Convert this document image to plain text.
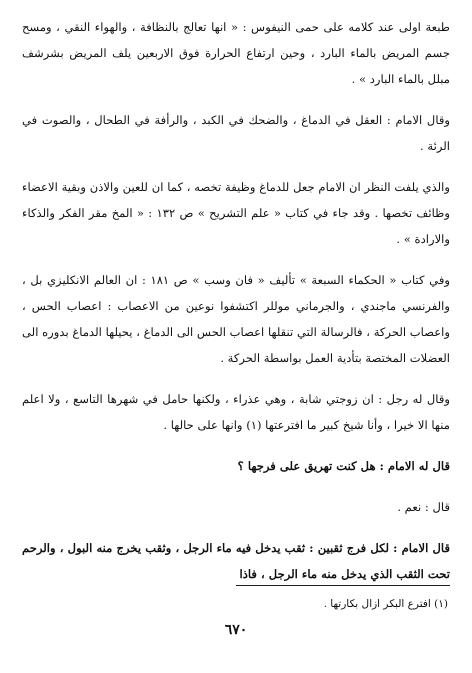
طبعة اولى عند كلامه على حمى النيفوس : « انها تعالج بالنظافة ، والهواء النقي ، ومسح جسم المريض بالماء البارد ، وحين ارتفاع الحرارة فوق الاربعين يلف المريض بشرشف مبلل بالماء البارد » .

وقال الامام : العقل في الدماغ ، والضحك في الكبد ، والرأفة في الطحال ، والصوت في الرئة .

والذي يلفت النظر ان الامام جعل للدماغ وظيفة تخصه ، كما ان للعين والاذن وبقية الاعضاء وظائف تخصها . وقد جاء في كتاب « علم التشريح » ص ١٣٢ : « المخ مقر الفكر والذكاء والارادة » .

وفي كتاب « الحكماء السبعة » تأليف « فان وسب » ص ١٨١ : ان العالم الانكليزي بل ، والفرنسي ماجندي ، والجرماني موللر اكتشفوا نوعين من الاعصاب : اعصاب الحس ، واعصاب الحركة ، فالرسالة التي تنقلها اعصاب الحس الى الدماغ ، يحيلها الدماغ بدوره الى العضلات المختصة بتأدية العمل بواسطة الحركة .

وقال له رجل : ان زوجتي شابة ، وهي عذراء ، ولكنها حامل في شهرها التاسع ، ولا اعلم منها الا خيرا ، وأنا شيخ كبير ما افترعتها (١) وانها على حالها .

قال له الامام : هل كنت تهريق على فرجها ؟

قال : نعم .

قال الامام : لكل فرج ثقبين : ثقب يدخل فيه ماء الرجل ، وثقب يخرج منه البول ، والرحم تحت الثقب الذي يدخل منه ماء الرجل ، فاذا

(١) افترع البكر ازال بكارتها .
٦٧٠
